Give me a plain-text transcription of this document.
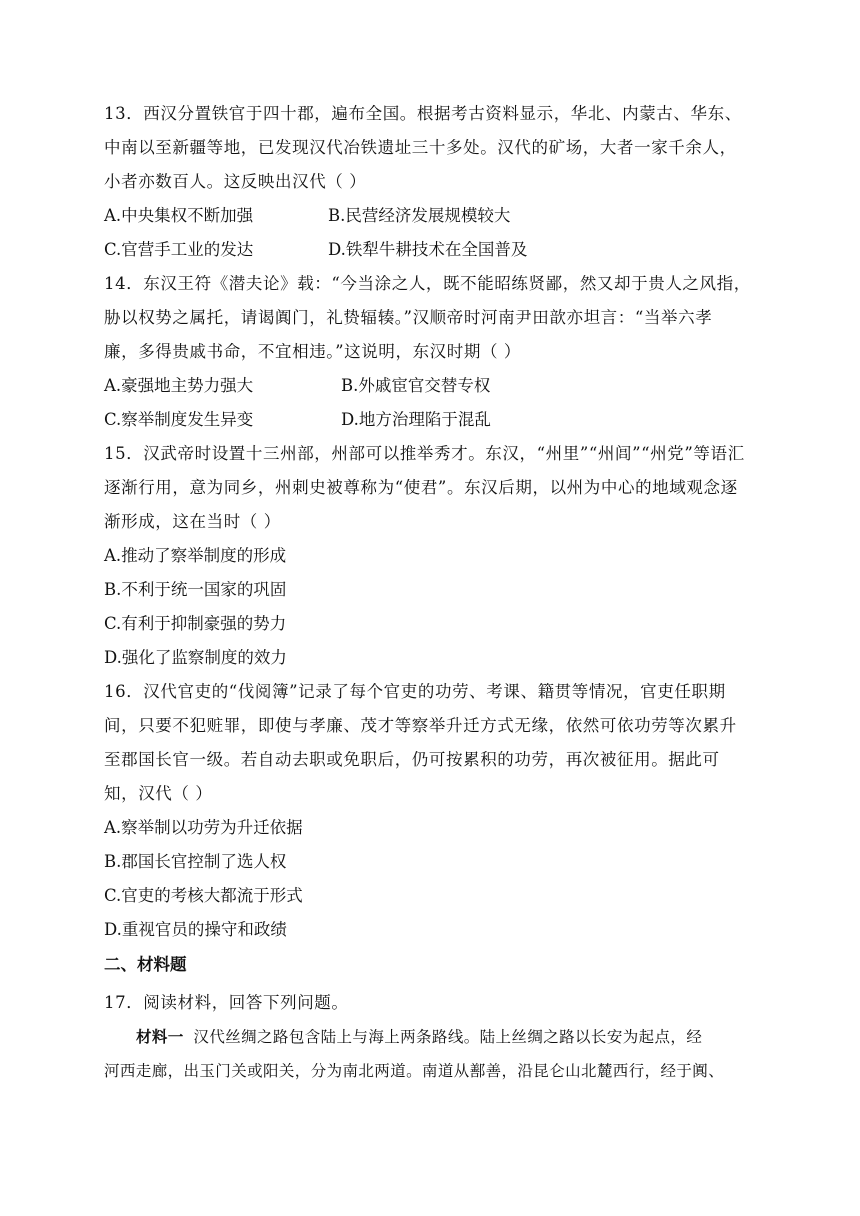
13．西汉分置铁官于四十郡，遍布全国。根据考古资料显示，华北、内蒙古、华东、
中南以至新疆等地，已发现汉代冶铁遗址三十多处。汉代的矿场，大者一家千余人，
小者亦数百人。这反映出汉代（ ）
A.中央集权不断加强	B.民营经济发展规模较大
C.官营手工业的发达	D.铁犁牛耕技术在全国普及
14．东汉王符《潜夫论》载：“今当涂之人，既不能昭练贤鄙，然又却于贵人之风指，
胁以权势之属托，请谒阗门，礼贽辐辏。”汉顺帝时河南尹田歆亦坦言：“当举六孝
廉，多得贵戚书命，不宜相违。”这说明，东汉时期（ ）
A.豪强地主势力强大	B.外戚宦官交替专权
C.察举制度发生异变	D.地方治理陷于混乱
15．汉武帝时设置十三州部，州部可以推举秀才。东汉，“州里”“州闾”“州党”等语汇
逐渐行用，意为同乡，州刺史被尊称为“使君”。东汉后期，以州为中心的地域观念逐
渐形成，这在当时（ ）
A.推动了察举制度的形成
B.不利于统一国家的巩固
C.有利于抑制豪强的势力
D.强化了监察制度的效力
16．汉代官吏的“伐阅簿”记录了每个官吏的功劳、考课、籍贯等情况，官吏任职期
间，只要不犯赃罪，即使与孝廉、茂才等察举升迁方式无缘，依然可依功劳等次累升
至郡国长官一级。若自动去职或免职后，仍可按累积的功劳，再次被征用。据此可
知，汉代（ ）
A.察举制以功劳为升迁依据
B.郡国长官控制了选人权
C.官吏的考核大都流于形式
D.重视官员的操守和政绩
二、材料题
17．阅读材料，回答下列问题。
材料一 汉代丝绸之路包含陆上与海上两条路线。陆上丝绸之路以长安为起点，经
河西走廊，出玉门关或阳关，分为南北两道。南道从鄯善，沿昆仑山北麓西行，经于阗、
